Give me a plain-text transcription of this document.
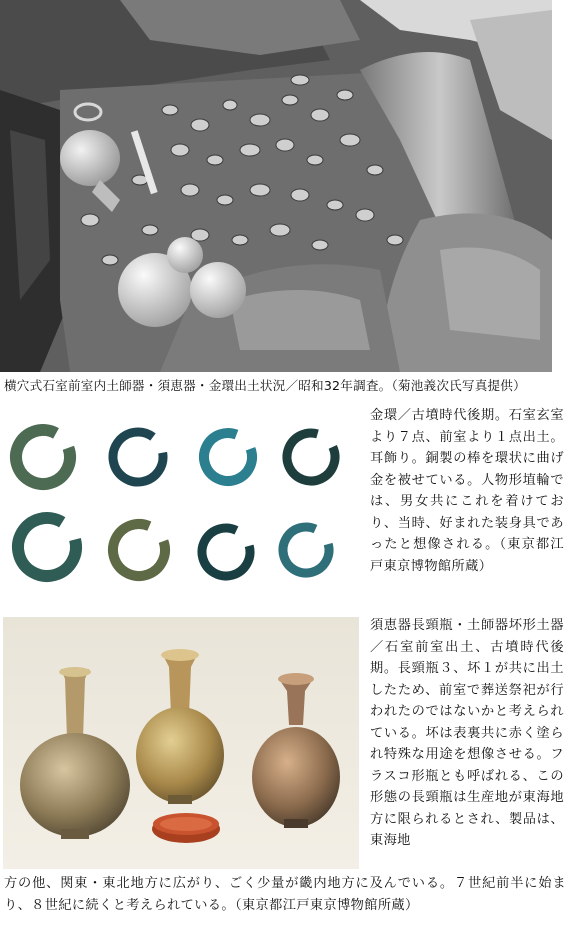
横穴式石室前室内土師器・須恵器・金環出土状況／昭和32年調査。（菊池義次氏写真提供）
金環／古墳時代後期。石室玄室より７点、前室より１点出土。耳飾り。銅製の棒を環状に曲げ金を被せている。人物形埴輪では、男女共にこれを着けており、当時、好まれた装身具であったと想像される。（東京都江戸東京博物館所蔵）
須恵器長頸瓶・土師器坏形土器／石室前室出土、古墳時代後期。長頸瓶３、坏１が共に出土したため、前室で葬送祭祀が行われたのではないかと考えられている。坏は表裏共に赤く塗られ特殊な用途を想像させる。フラスコ形瓶とも呼ばれる、この形態の長頸瓶は生産地が東海地方に限られるとされ、製品は、東海地
方の他、関東・東北地方に広がり、ごく少量が畿内地方に及んでいる。７世紀前半に始まり、８世紀に続くと考えられている。（東京都江戸東京博物館所蔵）
